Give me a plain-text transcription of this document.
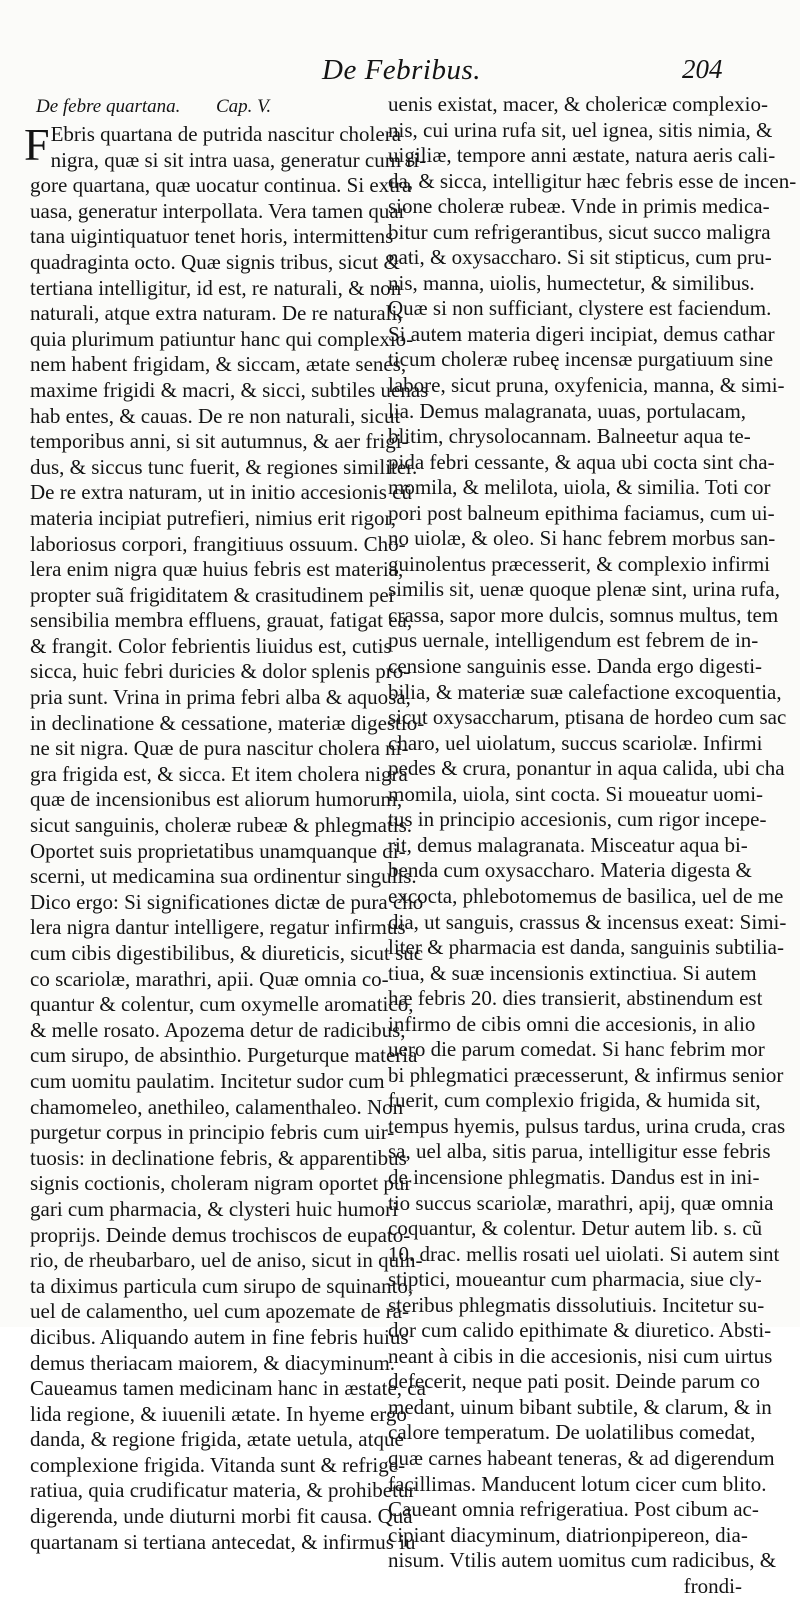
De Febribus.	204
De febre quartana. Cap. V.
F Ebris quartana de putrida nascitur cholera
nigra, quæ si sit intra uasa, generatur cum ri-
gore quartana, quæ uocatur continua. Si extra
uasa, generatur interpollata. Vera tamen quar
tana uigintiquatuor tenet horis, intermittens
quadraginta octo. Quæ signis tribus, sicut &
tertiana intelligitur, id est, re naturali, & non
naturali, atque extra naturam. De re naturali,
quia plurimum patiuntur hanc qui complexio-
nem habent frigidam, & siccam, ætate senes,
maxime frigidi & macri, & sicci, subtiles uenas
hab entes, & cauas. De re non naturali, sicut
temporibus anni, si sit autumnus, & aer frigi-
dus, & siccus tunc fuerit, & regiones similiter.
De re extra naturam, ut in initio accesionis cũ
materia incipiat putrefieri, nimius erit rigor,
laboriosus corpori, frangitiuus ossuum. Cho-
lera enim nigra quæ huius febris est materia,
propter suã frigiditatem & crasitudinem per
sensibilia membra effluens, grauat, fatigat ea,
& frangit. Color febrientis liuidus est, cutis
sicca, huic febri duricies & dolor splenis pro-
pria sunt. Vrina in prima febri alba & aquosa,
in declinatione & cessatione, materiæ digestio-
ne sit nigra. Quæ de pura nascitur cholera ni-
gra frigida est, & sicca. Et item cholera nigra
quæ de incensionibus est aliorum humorum,
sicut sanguinis, choleræ rubeæ & phlegmatis.
Oportet suis proprietatibus unamquanque di-
scerni, ut medicamina sua ordinentur singulis.
Dico ergo: Si significationes dictæ de pura cho
lera nigra dantur intelligere, regatur infirmus
cum cibis digestibilibus, & diureticis, sicut suc
co scariolæ, marathri, apii. Quæ omnia co-
quantur & colentur, cum oxymelle aromatico,
& melle rosato. Apozema detur de radicibus,
cum sirupo, de absinthio. Purgeturque materia
cum uomitu paulatim. Incitetur sudor cum
chamomeleo, anethileo, calamenthaleo. Non
purgetur corpus in principio febris cum uir-
tuosis: in declinatione febris, & apparentibus
signis coctionis, choleram nigram oportet pur
gari cum pharmacia, & clysteri huic humori
proprijs. Deinde demus trochiscos de eupato-
rio, de rheubarbaro, uel de aniso, sicut in quin-
ta diximus particula cum sirupo de squinanto,
uel de calamentho, uel cum apozemate de ra-
dicibus. Aliquando autem in fine febris huius
demus theriacam maiorem, & diacyminum.
Caueamus tamen medicinam hanc in æstate, ca
lida regione, & iuuenili ætate. In hyeme ergo
danda, & regione frigida, ætate uetula, atque
complexione frigida. Vitanda sunt & refrige-
ratiua, quia crudificatur materia, & prohibetur
digerenda, unde diuturni morbi fit causa. Quã
quartanam si tertiana antecedat, & infirmus iu
uenis existat, macer, & cholericæ complexio-
nis, cui urina rufa sit, uel ignea, sitis nimia, &
uigiliæ, tempore anni æstate, natura aeris cali-
da, & sicca, intelligitur hæc febris esse de incen-
sione choleræ rubeæ. Vnde in primis medica-
bitur cum refrigerantibus, sicut succo maligra
nati, & oxysaccharo. Si sit stipticus, cum pru-
nis, manna, uiolis, humectetur, & similibus.
Quæ si non sufficiant, clystere est faciendum.
Si autem materia digeri incipiat, demus cathar
ticum choleræ rubeę incensæ purgatiuum sine
labore, sicut pruna, oxyfenicia, manna, & simi-
lia. Demus malagranata, uuas, portulacam,
blitim, chrysolocannam. Balneetur aqua te-
pida febri cessante, & aqua ubi cocta sint cha-
momila, & melilota, uiola, & similia. Toti cor
pori post balneum epithima faciamus, cum ui-
no uiolæ, & oleo. Si hanc febrem morbus san-
guinolentus præcesserit, & complexio infirmi
similis sit, uenæ quoque plenæ sint, urina rufa,
crassa, sapor more dulcis, somnus multus, tem
pus uernale, intelligendum est febrem de in-
censione sanguinis esse. Danda ergo digesti-
bilia, & materiæ suæ calefactione excoquentia,
sicut oxysaccharum, ptisana de hordeo cum sac
charo, uel uiolatum, succus scariolæ. Infirmi
pedes & crura, ponantur in aqua calida, ubi cha
momila, uiola, sint cocta. Si moueatur uomi-
tus in principio accesionis, cum rigor incepe-
rit, demus malagranata. Misceatur aqua bi-
benda cum oxysaccharo. Materia digesta &
excocta, phlebotomemus de basilica, uel de me
dia, ut sanguis, crassus & incensus exeat: Simi-
liter & pharmacia est danda, sanguinis subtilia-
tiua, & suæ incensionis extinctiua. Si autem
hæ febris 20. dies transierit, abstinendum est
infirmo de cibis omni die accesionis, in alio
uero die parum comedat. Si hanc febrim mor
bi phlegmatici præcesserunt, & infirmus senior
fuerit, cum complexio frigida, & humida sit,
tempus hyemis, pulsus tardus, urina cruda, cras
sa, uel alba, sitis parua, intelligitur esse febris
de incensione phlegmatis. Dandus est in ini-
tio succus scariolæ, marathri, apij, quæ omnia
coquantur, & colentur. Detur autem lib. s. cũ
10. drac. mellis rosati uel uiolati. Si autem sint
stiptici, moueantur cum pharmacia, siue cly-
steribus phlegmatis dissolutiuis. Incitetur su-
dor cum calido epithimate & diuretico. Absti-
neant à cibis in die accesionis, nisi cum uirtus
defecerit, neque pati posit. Deinde parum co
medant, uinum bibant subtile, & clarum, & in
calore temperatum. De uolatilibus comedat,
quæ carnes habeant teneras, & ad digerendum
facillimas. Manducent lotum cicer cum blito.
Caueant omnia refrigeratiua. Post cibum ac-
cipiant diacyminum, diatrionpipereon, dia-
nisum. Vtilis autem uomitus cum radicibus, &
frondi-
